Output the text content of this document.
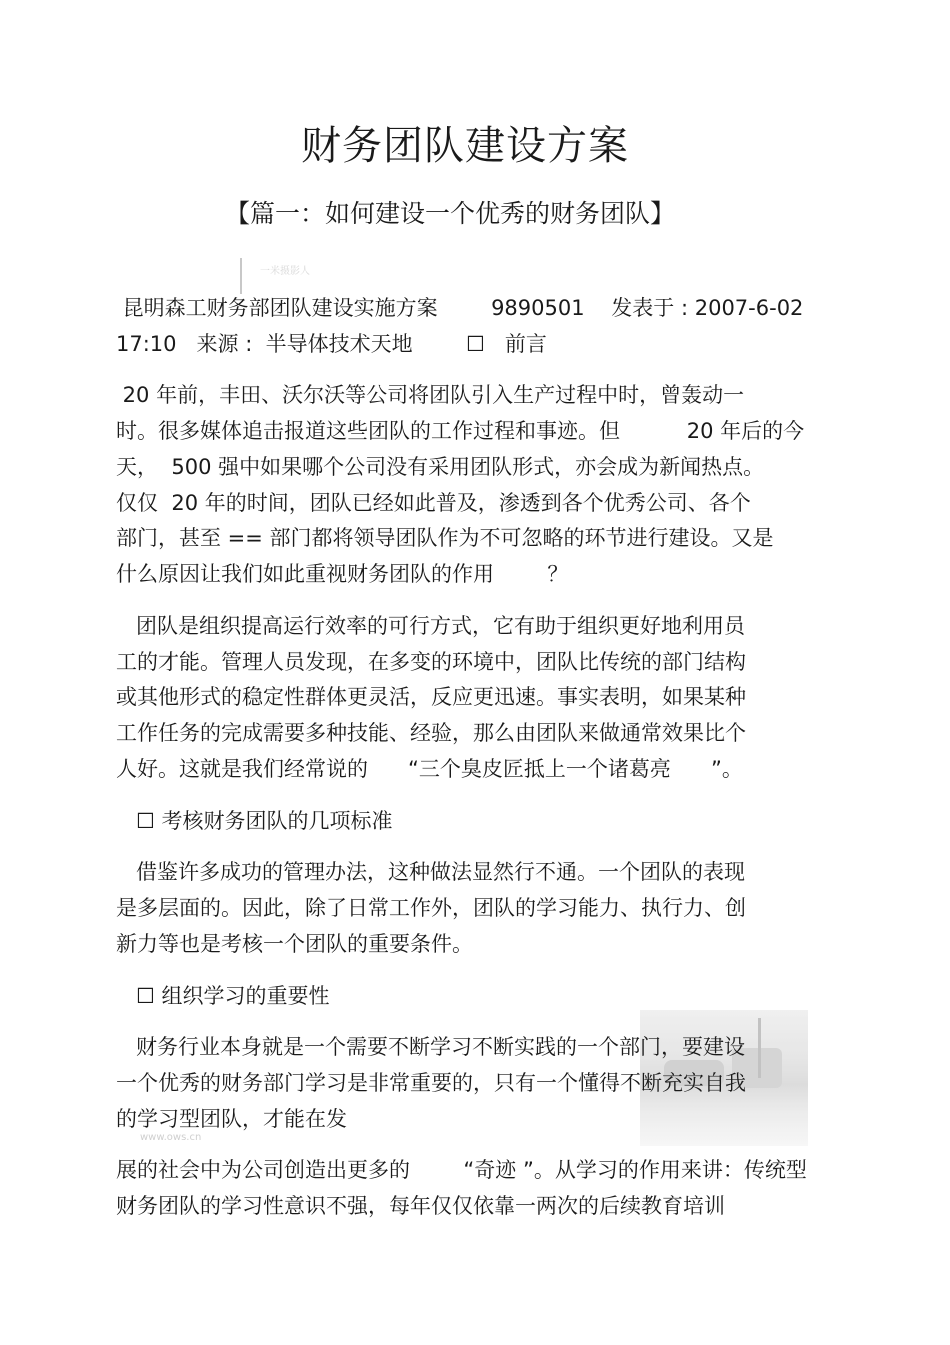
财务团队建设方案
【篇一：如何建设一个优秀的财务团队】
一米摄影人
www.ows.cn
昆明森工财务部团队建设实施方案        9890501    发表于 : 2007-6-02
17:10   来源 :  半导体技术天地        ☐   前言
20 年前，丰田、沃尔沃等公司将团队引入生产过程中时，曾轰动一
时。很多媒体追击报道这些团队的工作过程和事迹。但          20 年后的今
天，  500 强中如果哪个公司没有采用团队形式，亦会成为新闻热点。
仅仅  20 年的时间，团队已经如此普及，渗透到各个优秀公司、各个
部门，甚至 == 部门都将领导团队作为不可忽略的环节进行建设。又是
什么原因让我们如此重视财务团队的作用        ？
团队是组织提高运行效率的可行方式，它有助于组织更好地利用员
工的才能。管理人员发现，在多变的环境中，团队比传统的部门结构
或其他形式的稳定性群体更灵活，反应更迅速。事实表明，如果某种
工作任务的完成需要多种技能、经验，那么由团队来做通常效果比个
人好。这就是我们经常说的      “三个臭皮匠抵上一个诸葛亮      ”。
☐ 考核财务团队的几项标准
借鉴许多成功的管理办法，这种做法显然行不通。一个团队的表现
是多层面的。因此，除了日常工作外，团队的学习能力、执行力、创
新力等也是考核一个团队的重要条件。
☐ 组织学习的重要性
财务行业本身就是一个需要不断学习不断实践的一个部门，要建设
一个优秀的财务部门学习是非常重要的，只有一个懂得不断充实自我
的学习型团队，才能在发
展的社会中为公司创造出更多的        “奇迹 ”。从学习的作用来讲：传统型
财务团队的学习性意识不强，每年仅仅依靠一两次的后续教育培训
